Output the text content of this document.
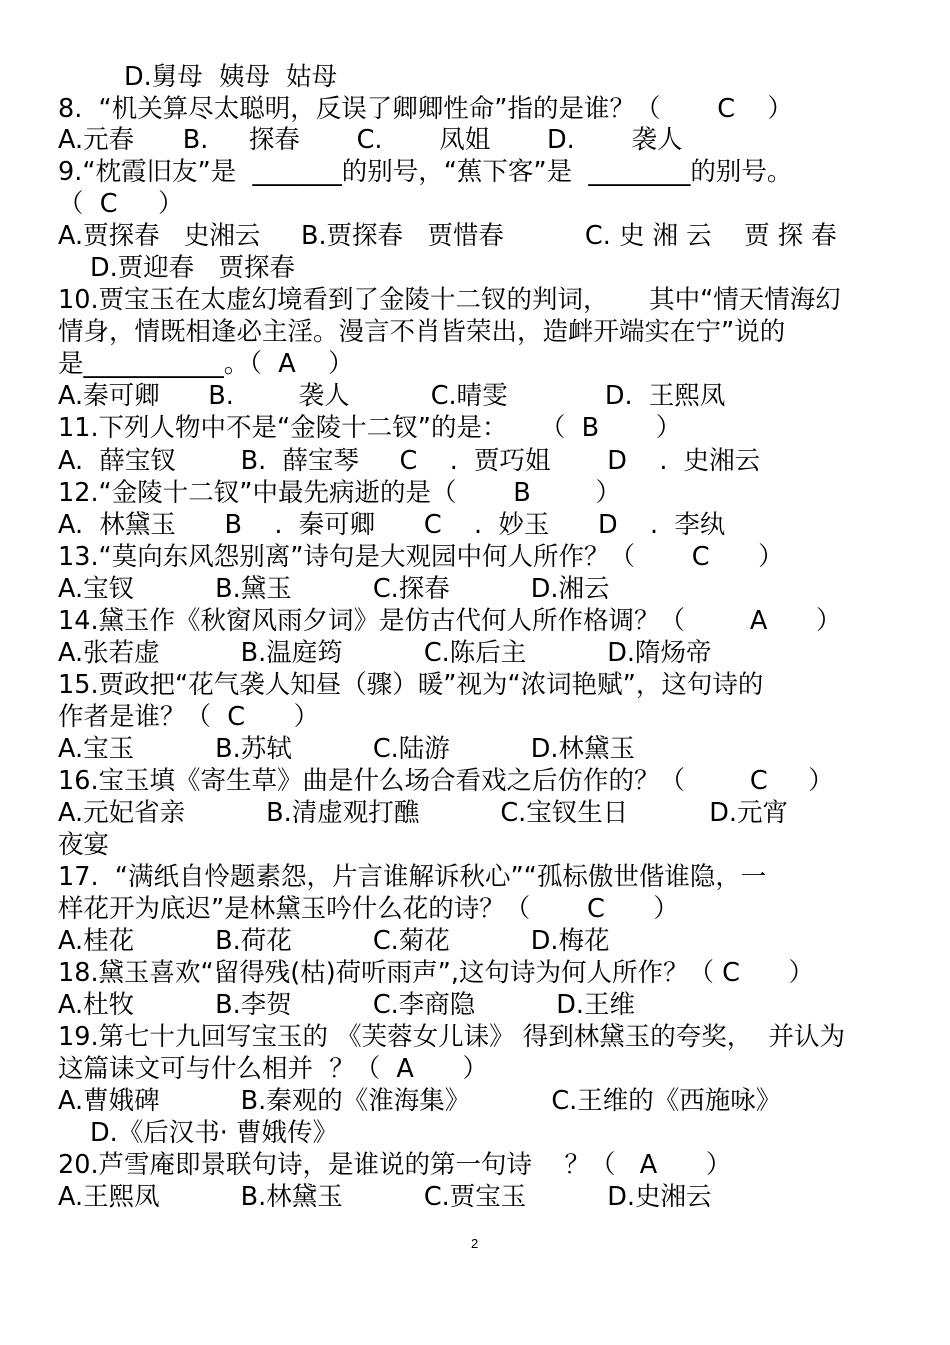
D.舅母  姨母  姑母
8.  “机关算尽太聪明，反误了卿卿性命”指的是谁？（       C    ）
A.元春      B.     探春       C.       凤姐       D.       袭人
9.“枕霞旧友”是  _______的别号，“蕉下客”是  ________的别号。
（  C     ）
A.贾探春   史湘云     B.贾探春   贾惜春          C. 史 湘 云    贾 探 春
D.贾迎春   贾探春
10.贾宝玉在太虚幻境看到了金陵十二钗的判词，     其中“情天情海幻
情身，情既相逢必主淫。漫言不肖皆荣出，造衅开端实在宁”说的
是___________。（  A    ）
A.秦可卿      B.        袭人          C.晴雯            D.  王熙凤
11.下列人物中不是“金陵十二钗”的是：    （  B       ）
A.  薛宝钗        B.  薛宝琴     C    .  贾巧姐       D    .  史湘云
12.“金陵十二钗”中最先病逝的是（       B        ）
A.  林黛玉      B    .  秦可卿      C    .  妙玉      D    .  李纨
13.“莫向东风怨别离”诗句是大观园中何人所作？（       C      ）
A.宝钗          B.黛玉          C.探春          D.湘云
14.黛玉作《秋窗风雨夕词》是仿古代何人所作格调？（        A      ）
A.张若虚          B.温庭筠          C.陈后主          D.隋炀帝
15.贾政把“花气袭人知昼（骤）暖”视为“浓词艳赋”，这句诗的
作者是谁？（  C      ）
A.宝玉          B.苏轼          C.陆游          D.林黛玉
16.宝玉填《寄生草》曲是什么场合看戏之后仿作的？（        C     ）
A.元妃省亲          B.清虚观打醮          C.宝钗生日          D.元宵
夜宴
17.  “满纸自怜题素怨，片言谁解诉秋心”“孤标傲世偕谁隐，一
样花开为底迟”是林黛玉吟什么花的诗？（       C      ）
A.桂花          B.荷花          C.菊花          D.梅花
18.黛玉喜欢“留得残(枯)荷听雨声”,这句诗为何人所作？（ C      ）
A.杜牧          B.李贺          C.李商隐          D.王维
19.第七十九回写宝玉的 《芙蓉女儿诔》 得到林黛玉的夸奖，  并认为
这篇诔文可与什么相并  ？（  A      ）
A.曹娥碑          B.秦观的《淮海集》          C.王维的《西施咏》
D.《后汉书· 曹娥传》
20.芦雪庵即景联句诗，是谁说的第一句诗    ？（   A      ）
A.王熙凤          B.林黛玉          C.贾宝玉          D.史湘云
2
